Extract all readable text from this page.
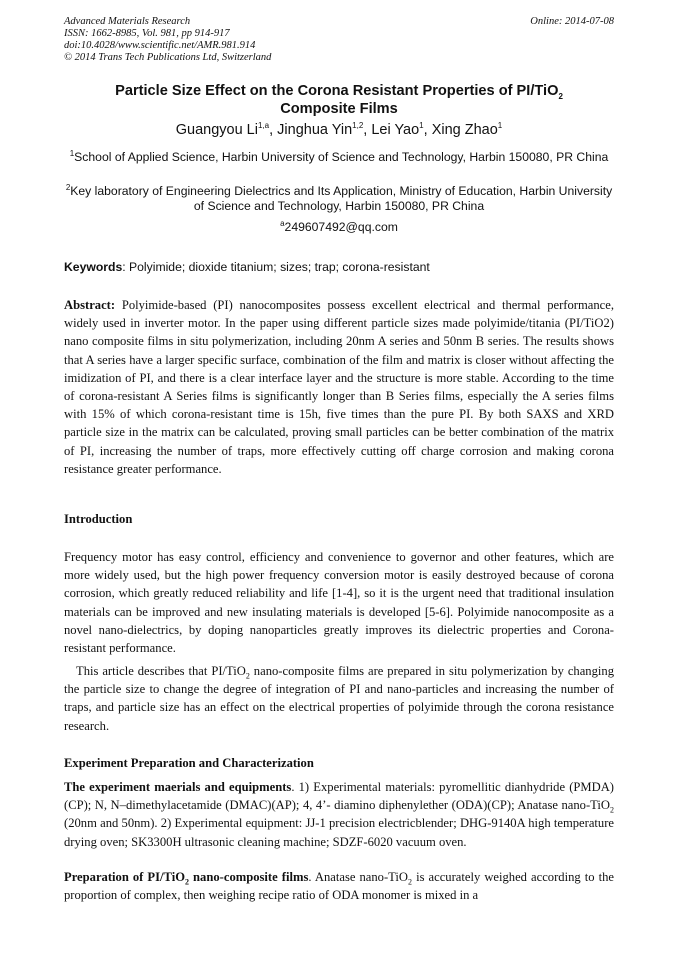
Advanced Materials Research
ISSN: 1662-8985, Vol. 981, pp 914-917
doi:10.4028/www.scientific.net/AMR.981.914
© 2014 Trans Tech Publications Ltd, Switzerland
Online: 2014-07-08
Particle Size Effect on the Corona Resistant Properties of PI/TiO$_2$
Composite Films
Guangyou Li$^{1,a}$, Jinghua Yin$^{1,2}$, Lei Yao$^1$, Xing Zhao$^1$
$^1$School of Applied Science, Harbin University of Science and Technology, Harbin 150080, PR China
$^2$Key laboratory of Engineering Dielectrics and Its Application, Ministry of Education, Harbin University of Science and Technology, Harbin 150080, PR China
$^a$249607492@qq.com
Keywords: Polyimide; dioxide titanium; sizes; trap; corona-resistant
Abstract: Polyimide-based (PI) nanocomposites possess excellent electrical and thermal performance, widely used in inverter motor. In the paper using different particle sizes made polyimide/titania (PI/TiO2) nano composite films in situ polymerization, including 20nm A series and 50nm B series. The results shows that A series have a larger specific surface, combination of the film and matrix is closer without affecting the imidization of PI, and there is a clear interface layer and the structure is more stable. According to the time of corona-resistant A Series films is significantly longer than B Series films, especially the A series films with 15% of which corona-resistant time is 15h, five times than the pure PI. By both SAXS and XRD particle size in the matrix can be calculated, proving small particles can be better combination of the matrix of PI, increasing the number of traps, more effectively cutting off charge corrosion and making corona resistance greater performance.
Introduction
Frequency motor has easy control, efficiency and convenience to governor and other features, which are more widely used, but the high power frequency conversion motor is easily destroyed because of corona corrosion, which greatly reduced reliability and life [1-4], so it is the urgent need that traditional insulation materials can be improved and new insulating materials is developed [5-6]. Polyimide nanocomposite as a novel nano-dielectrics, by doping nanoparticles greatly improves its dielectric properties and Corona-resistant performance.
This article describes that PI/TiO$_2$ nano-composite films are prepared in situ polymerization by changing the particle size to change the degree of integration of PI and nano-particles and increasing the number of traps, and particle size has an effect on the electrical properties of polyimide through the corona resistance research.
Experiment Preparation and Characterization
The experiment maerials and equipments. 1) Experimental materials: pyromellitic dianhydride (PMDA)(CP); N, N–dimethylacetamide (DMAC)(AP); 4, 4’- diamino diphenylether (ODA)(CP); Anatase nano-TiO$_2$ (20nm and 50nm). 2) Experimental equipment: JJ-1 precision electricblender; DHG-9140A high temperature drying oven; SK3300H ultrasonic cleaning machine; SDZF-6020 vacuum oven.
Preparation of PI/TiO$_2$ nano-composite films. Anatase nano-TiO$_2$ is accurately weighed according to the proportion of complex, then weighing recipe ratio of ODA monomer is mixed in a
